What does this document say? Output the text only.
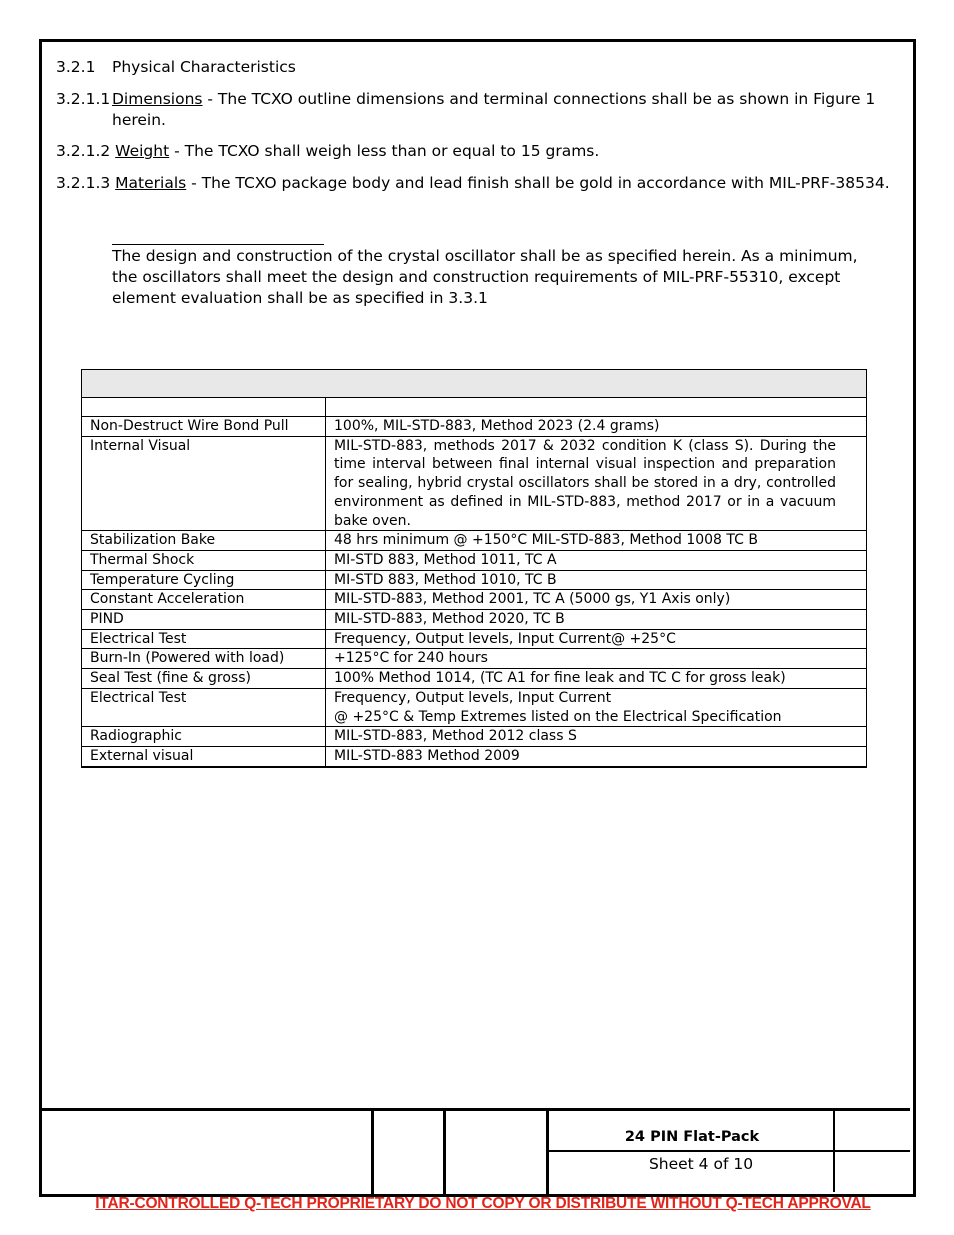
3.2.1 Physical Characteristics
3.2.1.1 Dimensions - The TCXO outline dimensions and terminal connections shall be as shown in Figure 1 herein.
3.2.1.2 Weight - The TCXO shall weigh less than or equal to 15 grams.
3.2.1.3 Materials - The TCXO package body and lead finish shall be gold in accordance with MIL-PRF-38534.
The design and construction of the crystal oscillator shall be as specified herein. As a minimum, the oscillators shall meet the design and construction requirements of MIL-PRF-55310, except element evaluation shall be as specified in 3.3.1

Non-Destruct Wire Bond Pull	100%, MIL-STD-883, Method 2023 (2.4 grams)
Internal Visual	MIL-STD-883, methods 2017 & 2032 condition K (class S). During the time interval between final internal visual inspection and preparation for sealing, hybrid crystal oscillators shall be stored in a dry, controlled environment as defined in MIL-STD-883, method 2017 or in a vacuum bake oven.
Stabilization Bake	48 hrs minimum @ +150°C MIL-STD-883, Method 1008 TC B
Thermal Shock	MI-STD 883, Method 1011, TC A
Temperature Cycling	MI-STD 883, Method 1010, TC B
Constant Acceleration	MIL-STD-883, Method 2001, TC A (5000 gs, Y1 Axis only)
PIND	MIL-STD-883, Method 2020, TC B
Electrical Test	Frequency, Output levels, Input Current@ +25°C
Burn-In (Powered with load)	+125°C for 240 hours
Seal Test (fine & gross)	100% Method 1014, (TC A1 for fine leak and TC C for gross leak)
Electrical Test	Frequency, Output levels, Input Current
@ +25°C & Temp Extremes listed on the Electrical Specification

Radiographic	MIL-STD-883, Method 2012 class S
External visual	MIL-STD-883 Method 2009
24 PIN Flat-Pack
Sheet 4 of 10
ITAR-CONTROLLED Q-TECH PROPRIETARY DO NOT COPY OR DISTRIBUTE WITHOUT Q-TECH APPROVAL
